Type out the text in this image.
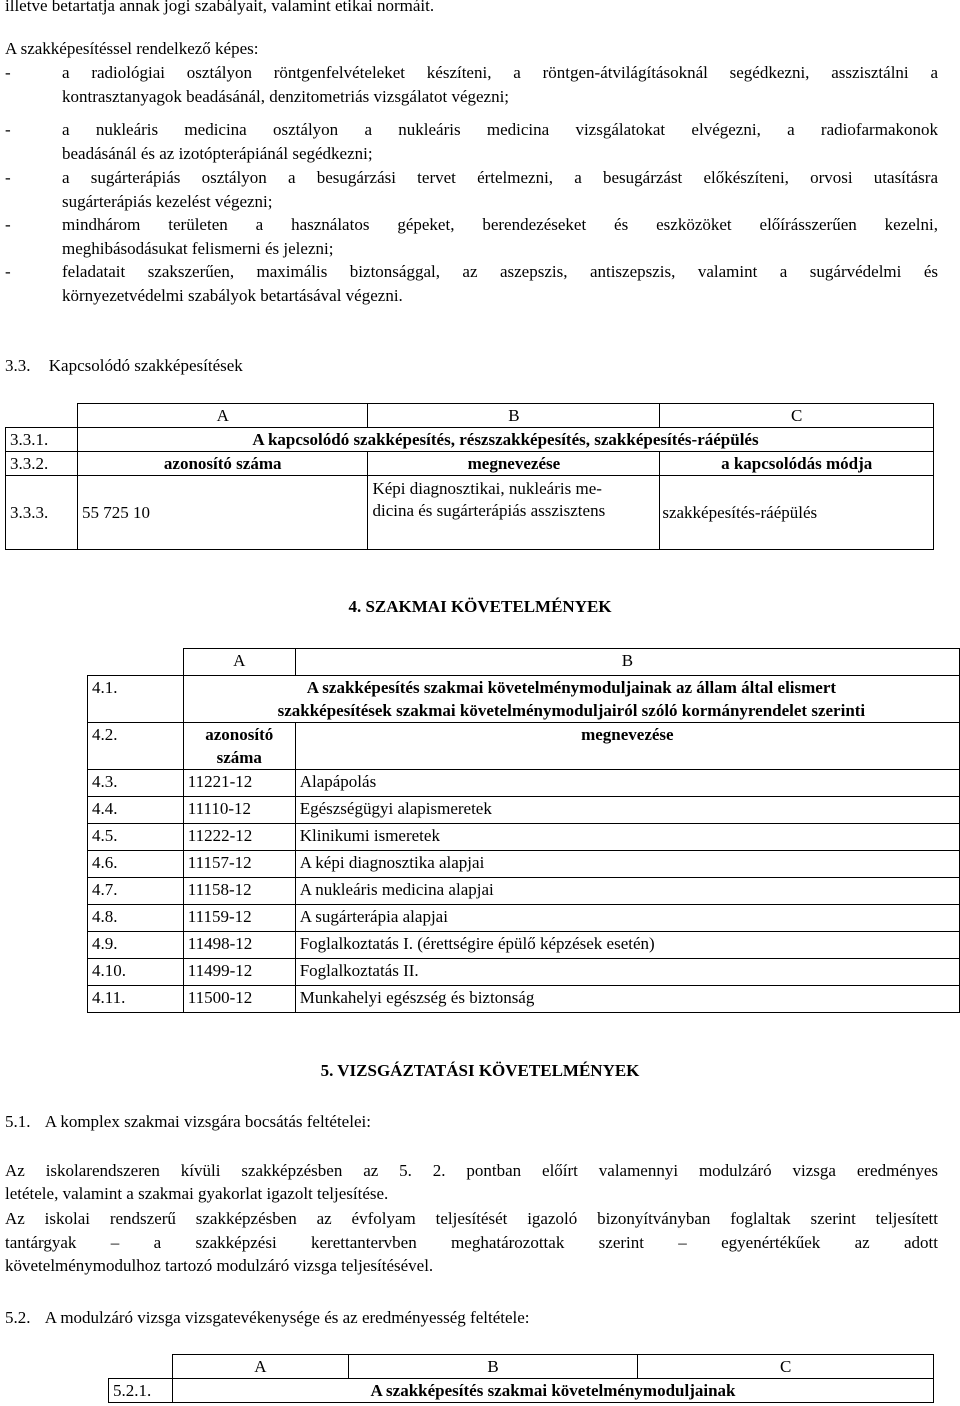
illetve betartatja annak jogi szabályait, valamint etikai normáit.
A szakképesítéssel rendelkező képes:
-	a radiológiai osztályon röntgenfelvételeket készíteni, a röntgen-átvilágításoknál segédkezni, asszisztálni a
kontrasztanyagok beadásánál, denzitometriás vizsgálatot végezni;
-	a nukleáris medicina osztályon a nukleáris medicina vizsgálatokat elvégezni, a radiofarmakonok
beadásánál és az izotópterápiánál segédkezni;
-	a sugárterápiás osztályon a besugárzási tervet értelmezni, a besugárzást előkészíteni, orvosi utasításra
sugárterápiás kezelést végezni;
-	mindhárom területen a használatos gépeket, berendezéseket és eszközöket előírásszerűen kezelni,
meghibásodásukat felismerni és jelezni;
-	feladatait szakszerűen, maximális biztonsággal, az aszepszis, antiszepszis, valamint a sugárvédelmi és
környezetvédelmi szabályok betartásával végezni.
3.3. Kapcsolódó szakképesítések
	A	B	C
3.3.1.	A kapcsolódó szakképesítés, részszakképesítés, szakképesítés-ráépülés		
3.3.2.	azonosító száma	megnevezése	a kapcsolódás módja
3.3.3.	55 725 10	Képi diagnosztikai, nukleáris me-
dicina és sugárterápiás asszisztens	szakképesítés-ráépülés
4. SZAKMAI KÖVETELMÉNYEK
	A	B
4.1.	A szakképesítés szakmai követelménymoduljainak az állam által elismert
szakképesítések szakmai követelménymoduljairól szóló kormányrendelet szerinti	

4.2.	azonosító
száma	megnevezése
4.3.	11221-12	Alapápolás
4.4.	11110-12	Egészségügyi alapismeretek
4.5.	11222-12	Klinikumi ismeretek
4.6.	11157-12	A képi diagnosztika alapjai
4.7.	11158-12	A nukleáris medicina alapjai
4.8.	11159-12	A sugárterápia alapjai
4.9.	11498-12	Foglalkoztatás I. (érettségire épülő képzések esetén)
4.10.	11499-12	Foglalkoztatás II.
4.11.	11500-12	Munkahelyi egészség és biztonság
5. VIZSGÁZTATÁSI KÖVETELMÉNYEK
5.1. A komplex szakmai vizsgára bocsátás feltételei:
Az iskolarendszeren kívüli szakképzésben az 5. 2. pontban előírt valamennyi modulzáró vizsga eredményes
letétele, valamint a szakmai gyakorlat igazolt teljesítése.
Az iskolai rendszerű szakképzésben az évfolyam teljesítését igazoló bizonyítványban foglaltak szerint teljesített
tantárgyak – a szakképzési kerettantervben meghatározottak szerint – egyenértékűek az adott
követelménymodulhoz tartozó modulzáró vizsga teljesítésével.
5.2. A modulzáró vizsga vizsgatevékenysége és az eredményesség feltétele:
	A	B	C
5.2.1.	A szakképesítés szakmai követelménymoduljainak		
